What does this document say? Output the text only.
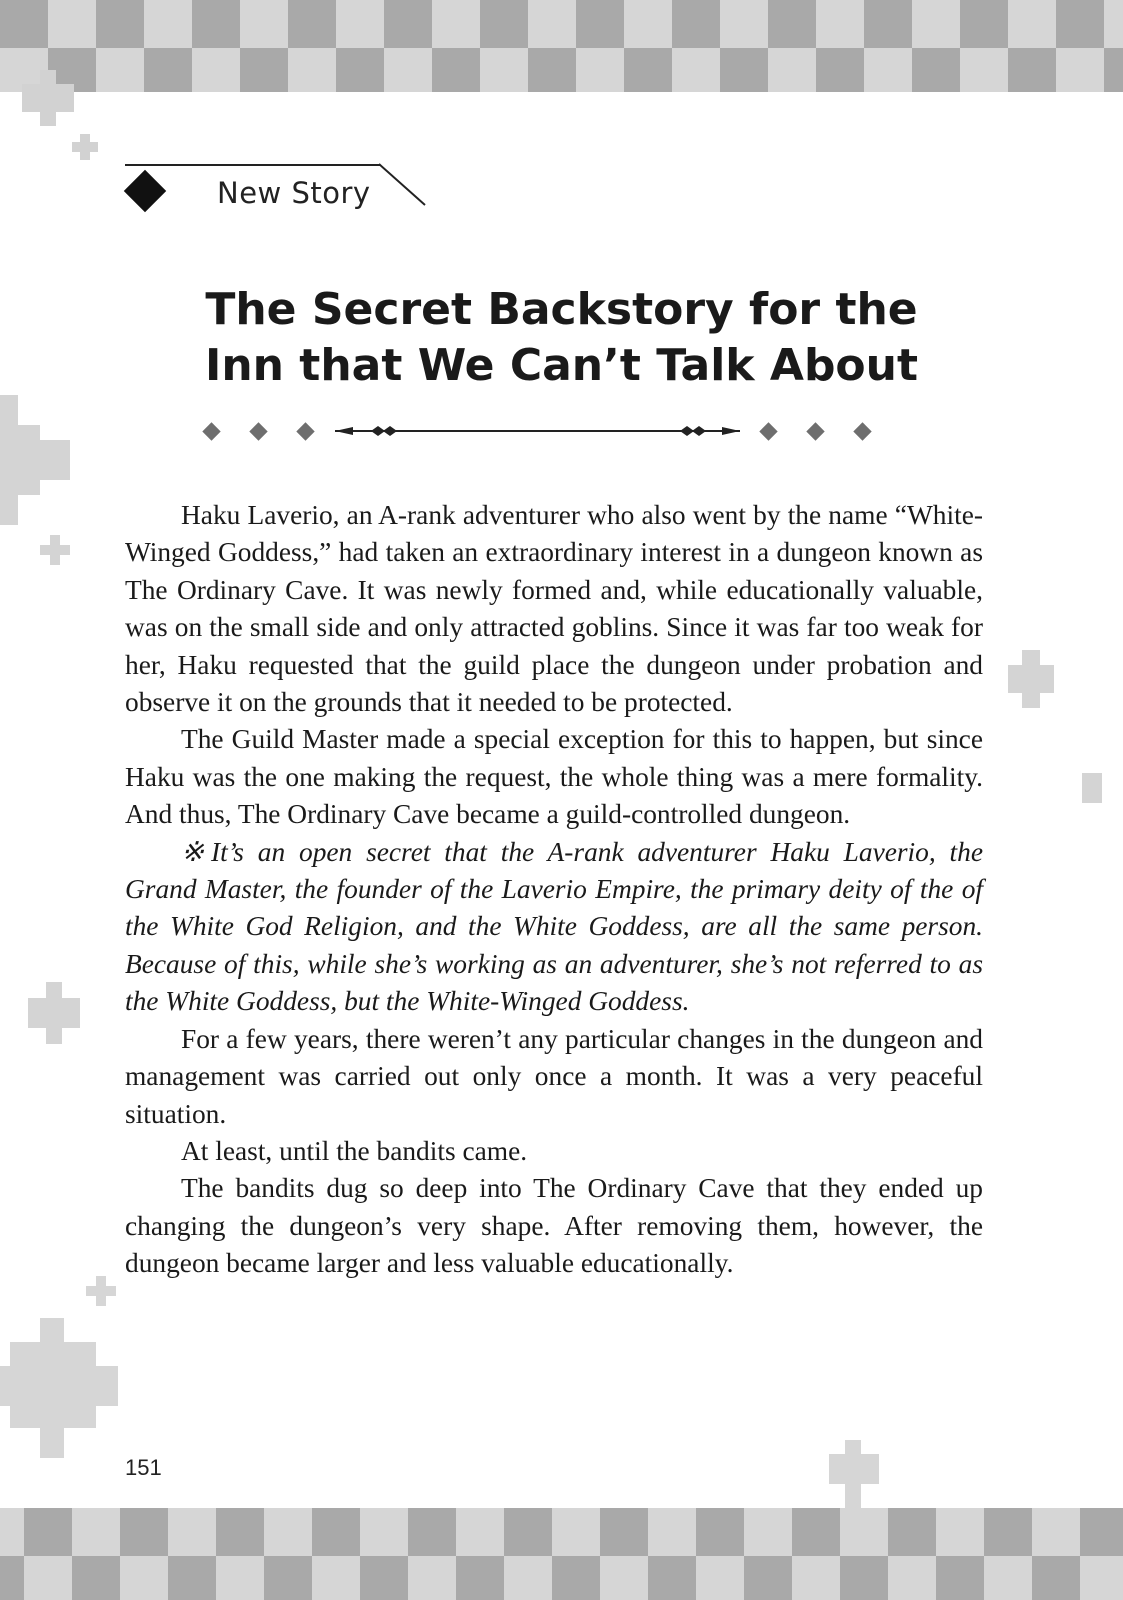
New Story
The Secret Backstory for the
Inn that We Can’t Talk About

Haku Laverio, an A-rank adventurer who also went by the name “White-Winged Goddess,” had taken an extraordinary interest in a dungeon known as The Ordinary Cave. It was newly formed and, while educationally valuable, was on the small side and only attracted goblins. Since it was far too weak for her, Haku requested that the guild place the dungeon under probation and observe it on the grounds that it needed to be protected.

The Guild Master made a special exception for this to happen, but since Haku was the one making the request, the whole thing was a mere formality. And thus, The Ordinary Cave became a guild-controlled dungeon.

※It’s an open secret that the A-rank adventurer Haku Laverio, the Grand Master, the founder of the Laverio Empire, the primary deity of the of the White God Religion, and the White Goddess, are all the same person. Because of this, while she’s working as an adventurer, she’s not referred to as the White Goddess, but the White-Winged Goddess.

For a few years, there weren’t any particular changes in the dungeon and management was carried out only once a month. It was a very peaceful situation.

At least, until the bandits came.

The bandits dug so deep into The Ordinary Cave that they ended up changing the dungeon’s very shape. After removing them, however, the dungeon became larger and less valuable educationally.

151
